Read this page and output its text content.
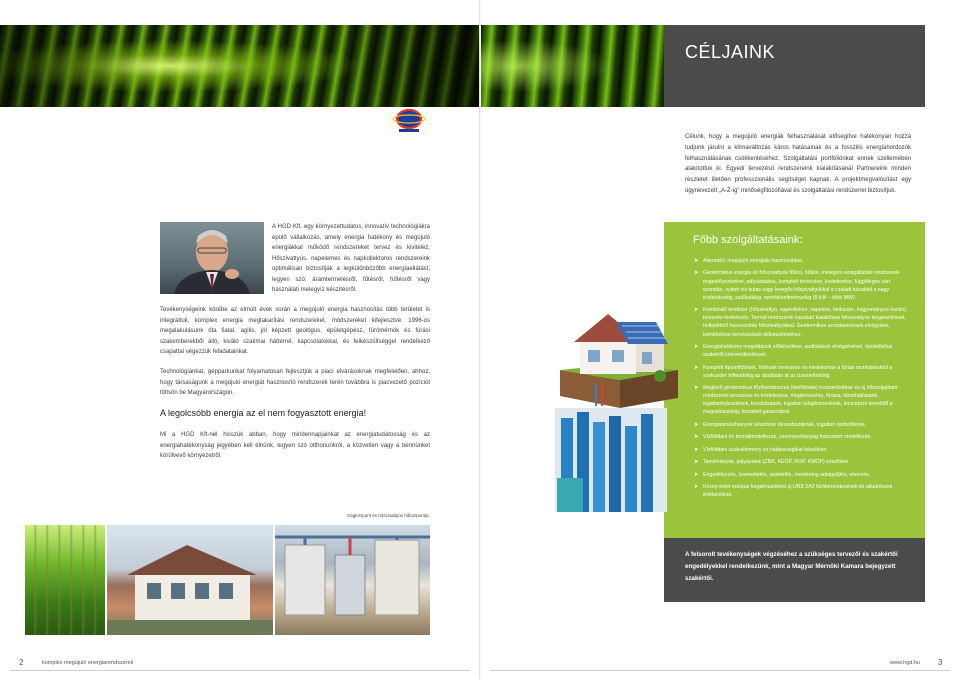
CÉLJAINK

A HGD Kft. egy környezettudatos, innovatív technológiákra épülő vállalkozás, amely energia hatékony és megújuló energiákkal működő rendszereket tervez és kivitelez. Hőszivattyús, napelemes és napkollektoros rendszereink optimálisan biztosítják a legkülönbözőbb energiaellátást, legyen szó: áramtermelésről, fűtésről, hűtésről vagy használati melegvíz készítésről.

Tevékenységeink körébe az elmúlt évek során a megújuló energia hasznosítás több területét is integráltuk, komplex energia megtakarítási rendszereket, módszereket kifejlesztve. 1996-os megalakulásunk óta fiatal, agilis, jól képzett geológus, épületgépész, fúrómérnök és fúrási szakemberekből álló, kiváló szakmai háttérrel, kapcsolatokkal, és felkészültséggel rendelkező csapattal végezzük feladatainkat.

Technológiánkat, gépparkunkat folyamatosan fejlesztjük a piaci elvárásoknak megfelelően, ahhoz, hogy társaságunk a megújuló energiát hasznosító rendszerek terén továbbra is piacvezető pozíciót töltsön be Magyarországon.

A legolcsóbb energia az el nem fogyasztott energia!

Mi a HGD Kft-nél hisszük abban, hogy mindennapjainkat az energiatudatosság és az energiahatékonyság jegyében kell élnünk, legyen szó otthonunkról, a közvetlen vagy a bennünket körülvevő környezetről.

Cégközpont és hőszivattyús hőközpontja
2	komplex megújuló energiarendszerek

Célunk, hogy a megújuló energiák felhasználását elősegítve hatékonyan hozzá tudjunk járulni a klímaváltozás káros hatásainak és a fosszilis energiahordozók felhasználásának csökkentéséhez. Szolgáltatási portfóliónkat ennek szellemében alakítottuk ki. Egyedi tervezésű rendszereink kialakításánál Partnereink minden részletet illetően professzionális segítséget kapnak. A projektmegvalósítást egy úgynevezett „A-Z-ig” minőségfilozófiával és szolgáltatási rendszerrel biztosítjuk.

Főbb szolgáltatásaink:
➤ Alternatív, megújuló energiák hasznosítása.
➤ Geotermikus energia és hőszivattyús fűtési, hűtési, melegvíz-szolgáltatási rendszerek engedélyeztetése, pályáztatása, komplett tervezése, kivitelezése, függőleges zárt szondás, nyitott víz kutas vagy levegős hőszivattyúkkal a családi házaktól a nagy irodaházakig, szállodákig, sportlétesítményekig (8 kW – több MW).
➤ Kombinált rendszer (hőszivattyú, napkollektor, napelem, biokazán, hagyományos kazán) tervezés-kivitelezés. Termál rendszerek kaszkád kialakítása hőszivattyús kiegészítéssel, hulladékhő hasznosítás hőszivattyúkkal. Geotermikus szondasezések elvégzése, kiértékelése beruházások előkészítéséhez.
➤ Energiahatékony megoldások előkészítése, auditálások elvégzésével, épületfizikai szakértői közreműködéssel.
➤ Komplett épületfűtések, hűtések tervezése és kivitelezése a fúrási munkálatoktól a szekunder hőleadókig az átadásán át az üzemeltetésig.
➤ Meglévő geotermikus főzőrendszerek (távfűtések) korszerűsítése és új hőszolgáltató rendszerek tervezése és kivitelezése, megtervezése, fúrása, tároshálózatok, ingatlanfejlesztések, beruházások, ingatlan tulajdonosoknak, koncepció tervektől a megvalósulásig, komplett garanciával.
➤ Energiatanúsítványok készítése társasházaknak, ingatlan építtetőknek.
➤ Vízföldtani és termálmodellezés, szennyezőanyag transzport modellezés.
➤ Vízföldtani szakvélemény és hatásvizsgálat készítése.
➤ Tanulmányok, pályázatok (ZBR, KEOP, ROP, KMOP) készítése.
➤ Engedélyezés, üzemeltetés, szakértés, monitoring adatgyűjtés, elemzés.
➤ Közép-kelet európai forgalmazóként új URB 2A2 fúróberendezések és alkatrészek értékesítése.

A felsorolt tevékenységek végzéséhez a szükséges tervezői és szakértői engedélyekkel rendelkezünk, mint a Magyar Mérnöki Kamara bejegyzett szakértői.

www.hgd.hu 3
